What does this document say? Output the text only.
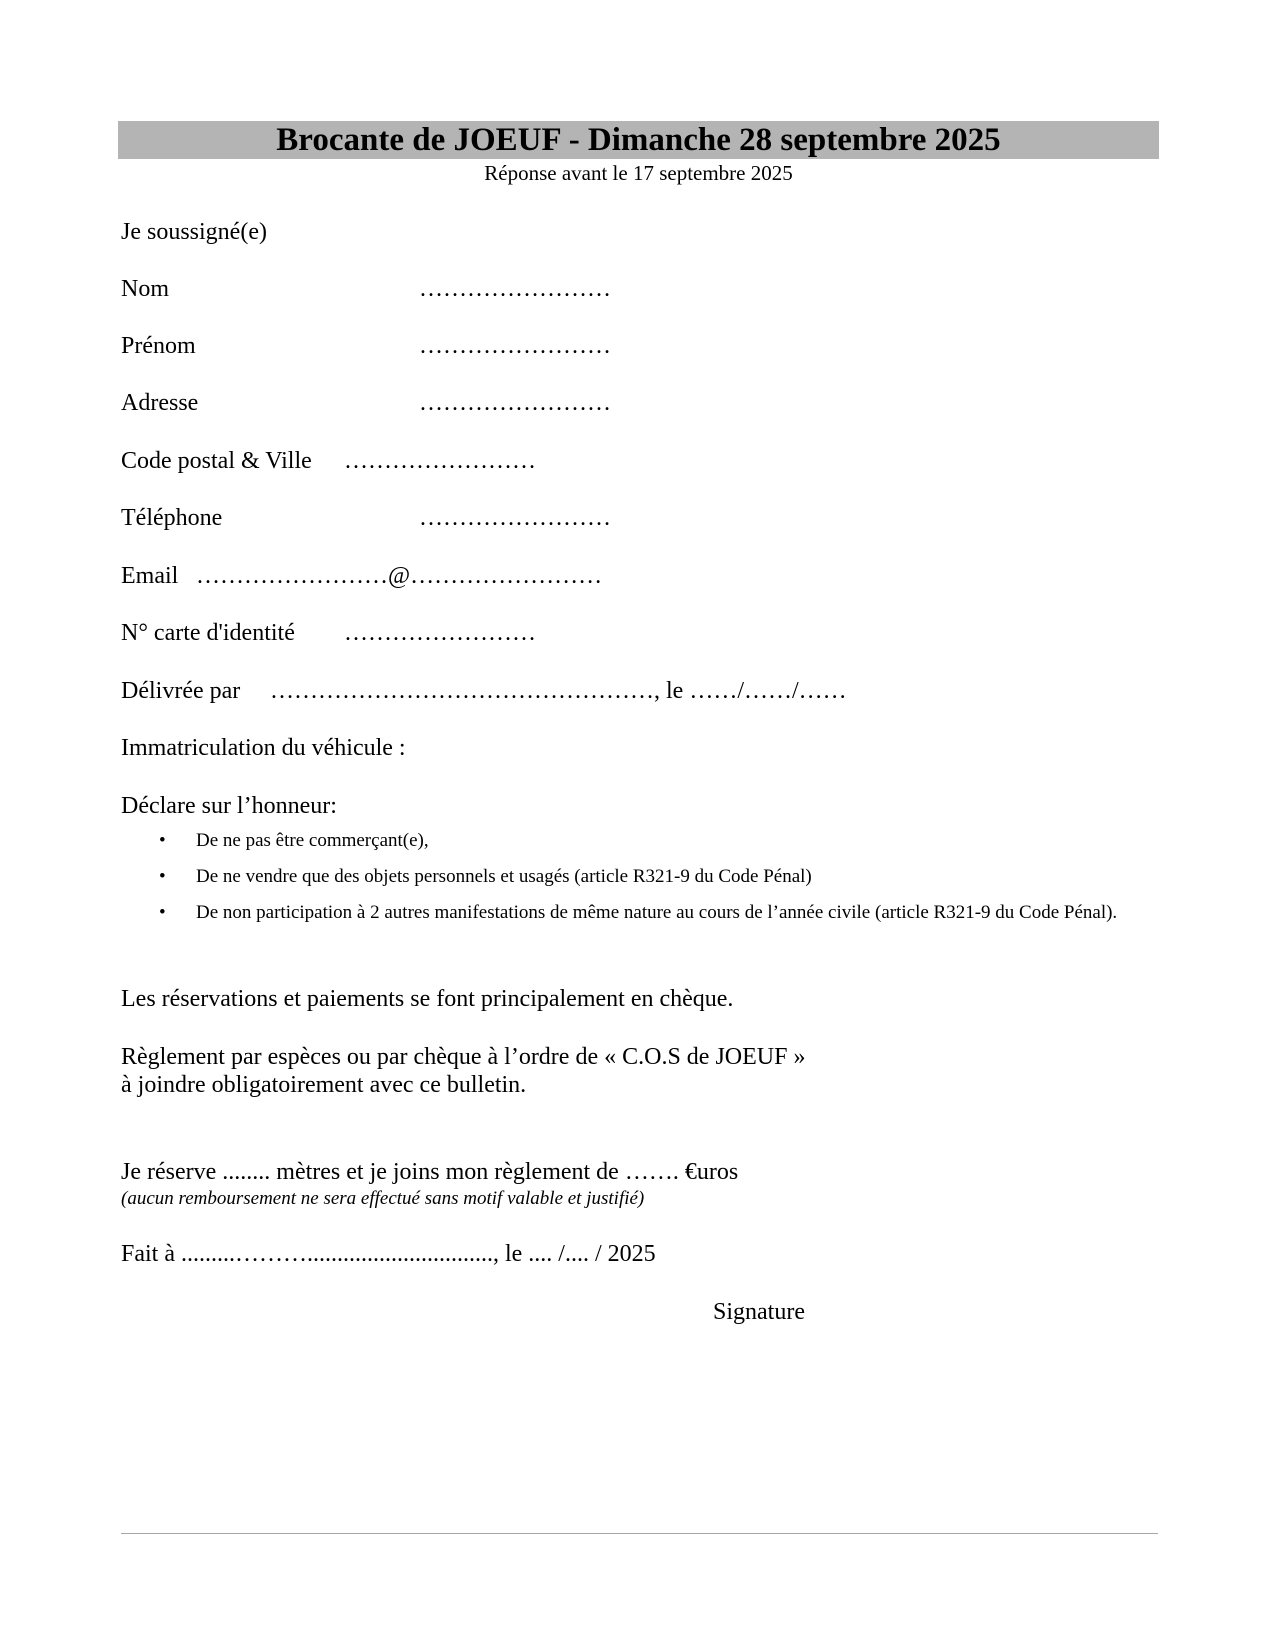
Brocante de JOEUF - Dimanche 28 septembre 2025
Réponse avant le 17 septembre 2025
Je soussigné(e)
Nom	……………………
Prénom	……………………
Adresse	……………………
Code postal & Ville ……………………
Téléphone	……………………
Email ……………………@……………………
N° carte d'identité ……………………
Délivrée par …………………………………………, le ……/……/……
Immatriculation du véhicule :
Déclare sur l’honneur:
• De ne pas être commerçant(e),
• De ne vendre que des objets personnels et usagés (article R321-9 du Code Pénal)
• De non participation à 2 autres manifestations de même nature au cours de l’année civile (article R321-9 du Code Pénal).
Les réservations et paiements se font principalement en chèque.
Règlement par espèces ou par chèque à l’ordre de « C.O.S de JOEUF »
à joindre obligatoirement avec ce bulletin.
Je réserve ........ mètres et je joins mon règlement de ……. €uros
(aucun remboursement ne sera effectué sans motif valable et justifié)
Fait à .........………..............................., le .... /.... / 2025
Signature
